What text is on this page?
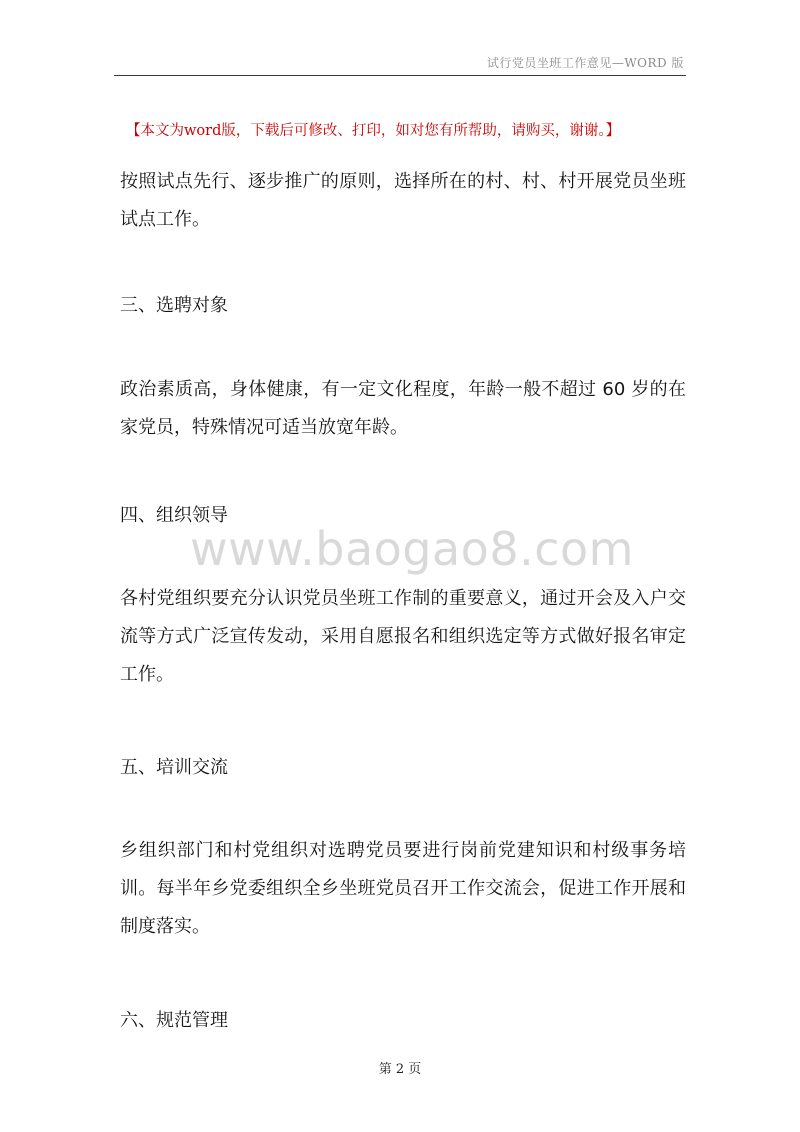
试行党员坐班工作意见—WORD 版
【本文为word版，下载后可修改、打印，如对您有所帮助，请购买，谢谢。】

按照试点先行、逐步推广的原则，选择所在的村、村、村开展党员坐班试点工作。

三、选聘对象

政治素质高，身体健康，有一定文化程度，年龄一般不超过 60 岁的在家党员，特殊情况可适当放宽年龄。

四、组织领导

www.baogao8.com

各村党组织要充分认识党员坐班工作制的重要意义，通过开会及入户交流等方式广泛宣传发动，采用自愿报名和组织选定等方式做好报名审定工作。

五、培训交流

乡组织部门和村党组织对选聘党员要进行岗前党建知识和村级事务培训。每半年乡党委组织全乡坐班党员召开工作交流会，促进工作开展和制度落实。

六、规范管理

第 2 页
